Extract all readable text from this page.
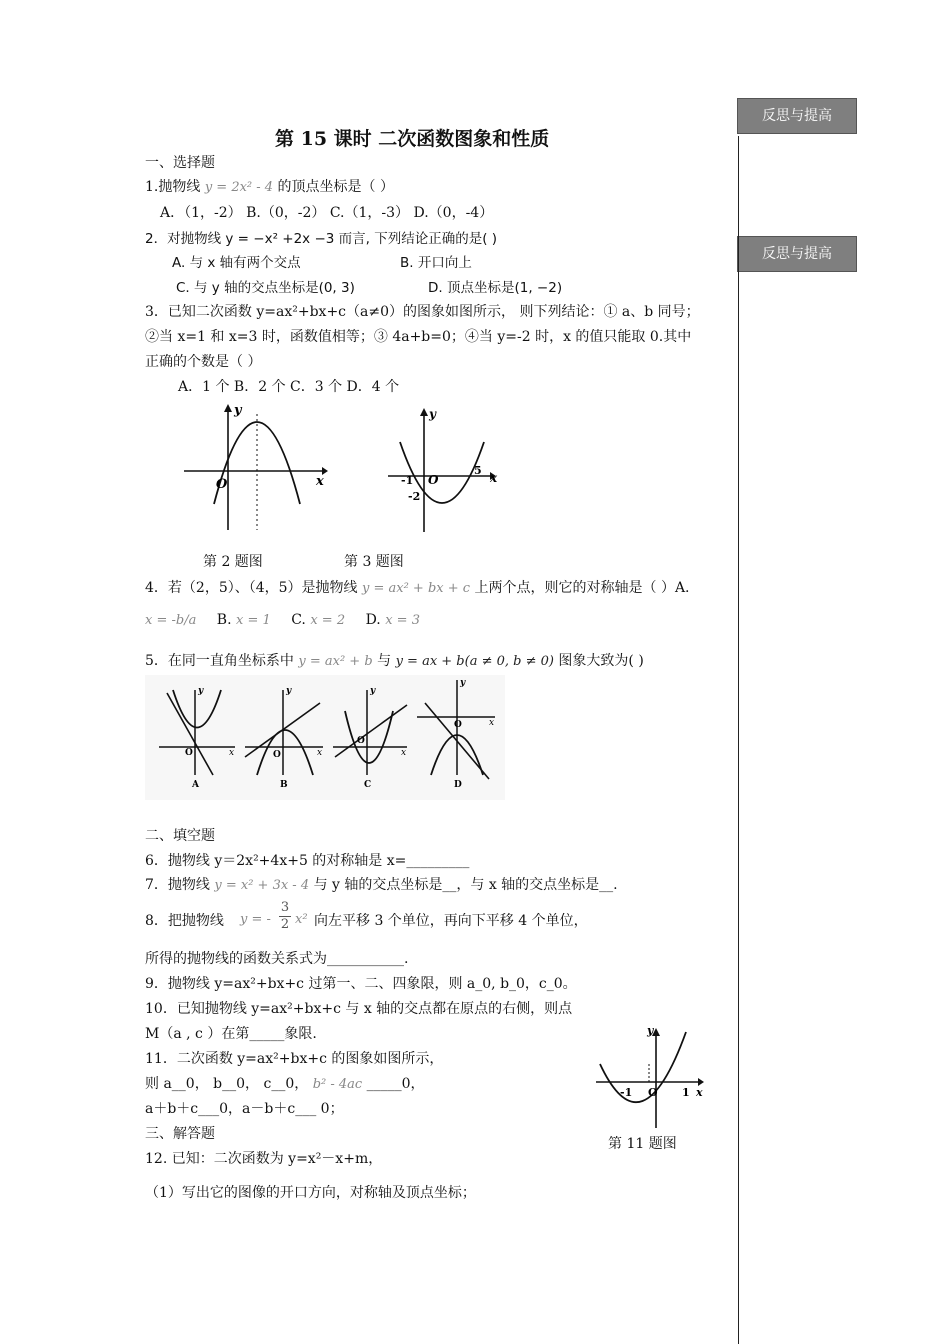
反思与提高
反思与提高
第 15 课时 二次函数图象和性质
一、选择题
1.抛物线 y = 2x² - 4 的顶点坐标是（ ）
A．（1，-2） B.（0，-2） C.（1，-3） D.（0，-4）
2．对抛物线 y = −x² +2x −3 而言, 下列结论正确的是( )
A. 与 x 轴有两个交点	B. 开口向上
C. 与 y 轴的交点坐标是(0, 3)	D. 顶点坐标是(1, −2)
3．已知二次函数 y=ax²+bx+c（a≠0）的图象如图所示， 则下列结论：① a、b 同号；
②当 x=1 和 x=3 时，函数值相等；③ 4a+b=0；④当 y=-2 时，x 的值只能取 0.其中
正确的个数是（ ）
A．1 个 B．2 个 C．3 个 D．4 个
y
x
O
y
x
-1 O
5
-2
第 2 题图	第 3 题图
4．若（2，5）、（4，5）是抛物线 y = ax² + bx + c 上两个点，则它的对称轴是（ ）A.
x = -b/a B. x = 1 C. x = 2 D. x = 3
5．在同一直角坐标系中 y = ax² + b 与 y = ax + b(a ≠ 0, b ≠ 0) 图象大致为( )
y
O	x
A
y
O	x
B
y
O
x
C
y
O	x
D
二、填空题
6．抛物线 y＝2x²+4x+5 的对称轴是 x=_________
7．抛物线 y = x² + 3x - 4 与 y 轴的交点坐标是__，与 x 轴的交点坐标是__.
8．把抛物线 y = - $\frac{3}{2} x^2$ 向左平移 3 个单位，再向下平移 4 个单位，
所得的抛物线的函数关系式为___________.
9．抛物线 y=ax²+bx+c 过第一、二、四象限，则 a_0, b_0，c_0。
10．已知抛物线 y=ax²+bx+c 与 x 轴的交点都在原点的右侧，则点
M（a , c ）在第_____象限.
11．二次函数 y=ax²+bx+c 的图象如图所示，
则 a__0， b__0， c__0， b² - 4ac _____0，
a＋b＋c___0，a－b＋c___ 0；
y
x
-1 O 1
第 11 题图
三、解答题
12. 已知：二次函数为 y=x²－x+m，
（1）写出它的图像的开口方向，对称轴及顶点坐标；
